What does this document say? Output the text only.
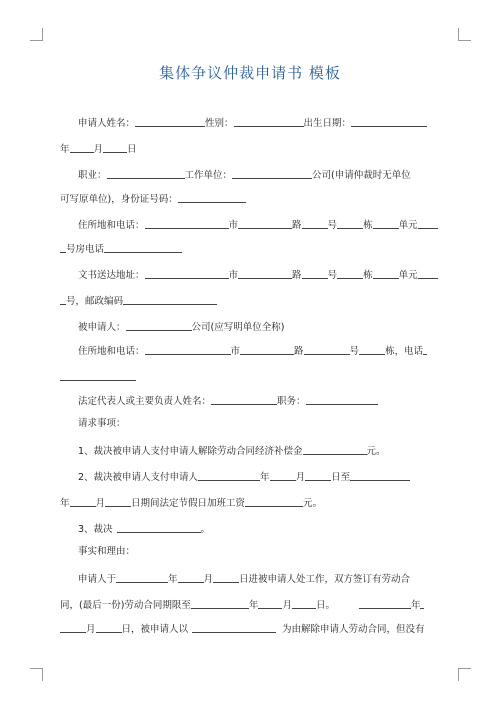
集体争议仲裁申请书 模板
申请人姓名：	性别：	出生日期：
年	月	日
职业：	工作单位：	公司(申请仲裁时无单位
可写原单位)，身份证号码：
住所地和电话：	市	路	号	栋	单元
号房电话
文书送达地址：	市	路	号	栋	单元
号，邮政编码
被申请人：	公司(应写明单位全称)
住所地和电话：	市	路	号	栋，电话
法定代表人或主要负责人姓名：	职务：
请求事项：
1、裁决被申请人支付申请人解除劳动合同经济补偿金	元。
2、裁决被申请人支付申请人	年	月	日至
年	月	日期间法定节假日加班工资	元。
3、裁决	。
事实和理由：
申请人于	年	月	日进被申请人处工作，双方签订有劳动合
同，(最后一份)劳动合同期限至	年	月	日。	年
月	日，被申请人以	为由解除申请人劳动合同，但没有
